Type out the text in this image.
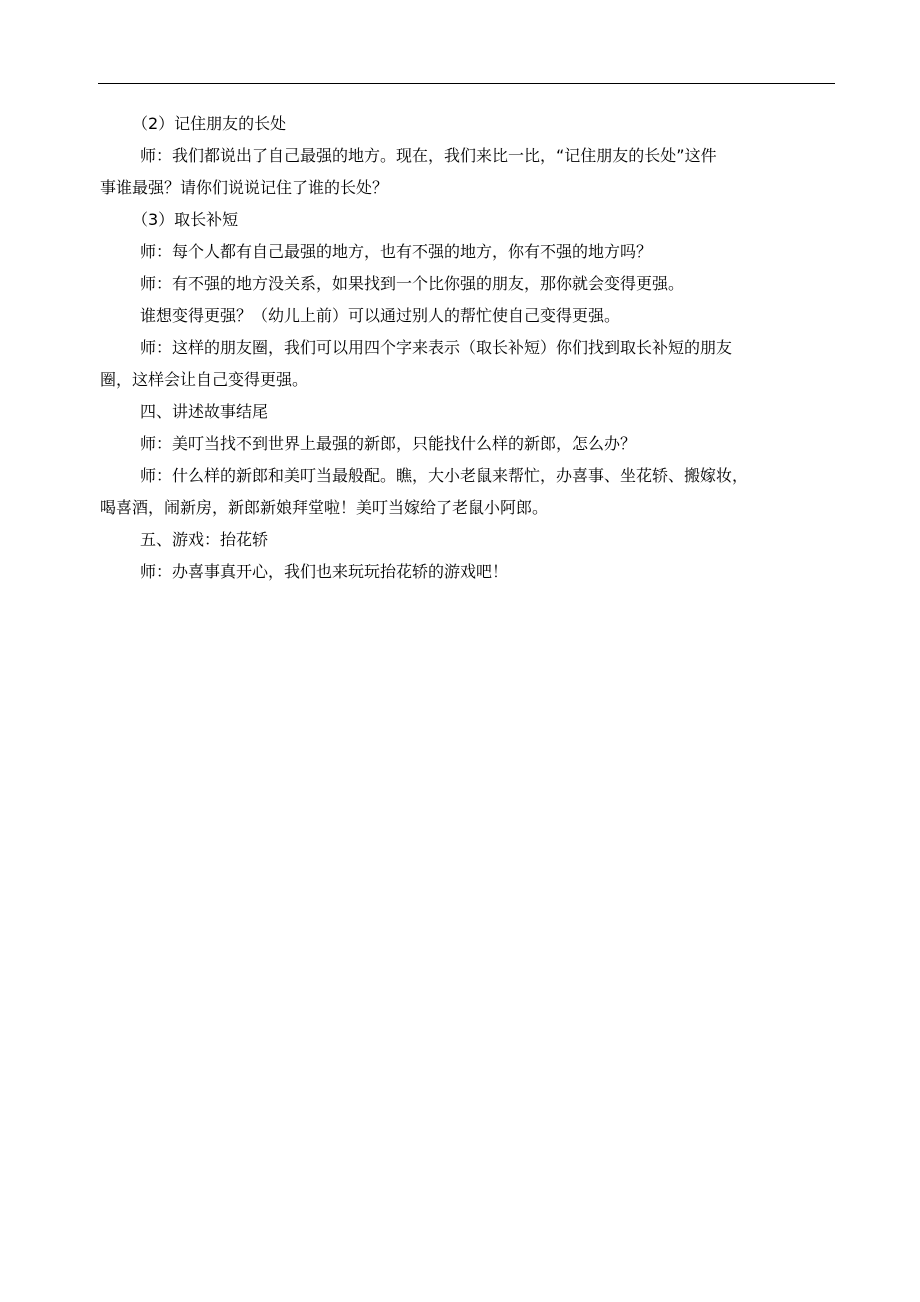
（2）记住朋友的长处

师：我们都说出了自己最强的地方。现在，我们来比一比，“记住朋友的长处”这件
事谁最强？请你们说说记住了谁的长处？

（3）取长补短

师：每个人都有自己最强的地方，也有不强的地方，你有不强的地方吗？

师：有不强的地方没关系，如果找到一个比你强的朋友，那你就会变得更强。

谁想变得更强？（幼儿上前）可以通过别人的帮忙使自己变得更强。

师：这样的朋友圈，我们可以用四个字来表示（取长补短）你们找到取长补短的朋友
圈，这样会让自己变得更强。

四、讲述故事结尾

师：美叮当找不到世界上最强的新郎，只能找什么样的新郎，怎么办？

师：什么样的新郎和美叮当最般配。瞧，大小老鼠来帮忙，办喜事、坐花轿、搬嫁妆，
喝喜酒，闹新房，新郎新娘拜堂啦！美叮当嫁给了老鼠小阿郎。

五、游戏：抬花轿

师：办喜事真开心，我们也来玩玩抬花轿的游戏吧！
